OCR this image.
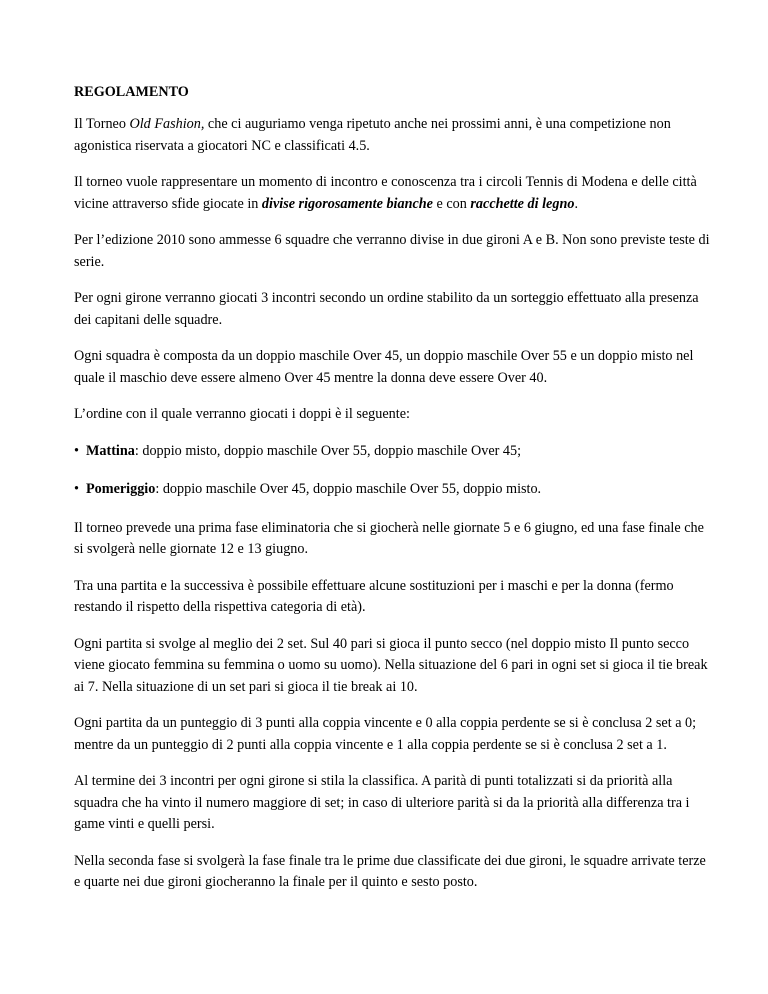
REGOLAMENTO

Il Torneo Old Fashion, che ci auguriamo venga ripetuto anche nei prossimi anni, è una competizione non agonistica riservata a giocatori NC e classificati 4.5.

Il torneo vuole rappresentare un momento di incontro e conoscenza tra i circoli Tennis di Modena e delle città vicine attraverso sfide giocate in divise rigorosamente bianche e con racchette di legno.

Per l’edizione 2010 sono ammesse 6 squadre che verranno divise in due gironi A e B. Non sono previste teste di serie.

Per ogni girone verranno giocati 3 incontri secondo un ordine stabilito da un sorteggio effettuato alla presenza dei capitani delle squadre.

Ogni squadra è composta da un doppio maschile Over 45, un doppio maschile Over 55 e un doppio misto nel quale il maschio deve essere almeno Over 45 mentre la donna deve essere Over 40.

L’ordine con il quale verranno giocati i doppi è il seguente:

• Mattina: doppio misto, doppio maschile Over 55, doppio maschile Over 45;
• Pomeriggio: doppio maschile Over 45, doppio maschile Over 55, doppio misto.

Il torneo prevede una prima fase eliminatoria che si giocherà nelle giornate 5 e 6 giugno, ed una fase finale che si svolgerà nelle giornate 12 e 13 giugno.

Tra una partita e la successiva è possibile effettuare alcune sostituzioni per i maschi e per la donna (fermo restando il rispetto della rispettiva categoria di età).

Ogni partita si svolge al meglio dei 2 set. Sul 40 pari si gioca il punto secco (nel doppio misto Il punto secco viene giocato femmina su femmina o uomo su uomo). Nella situazione del 6 pari in ogni set si gioca il tie break ai 7. Nella situazione di un set pari si gioca il tie break ai 10.

Ogni partita da un punteggio di 3 punti alla coppia vincente e 0 alla coppia perdente se si è conclusa 2 set a 0; mentre da un punteggio di 2 punti alla coppia vincente e 1 alla coppia perdente se si è conclusa 2 set a 1.

Al termine dei 3 incontri per ogni girone si stila la classifica. A parità di punti totalizzati si da priorità alla squadra che ha vinto il numero maggiore di set; in caso di ulteriore parità si da la priorità alla differenza tra i game vinti e quelli persi.

Nella seconda fase si svolgerà la fase finale tra le prime due classificate dei due gironi, le squadre arrivate terze e quarte nei due gironi giocheranno la finale per il quinto e sesto posto.
